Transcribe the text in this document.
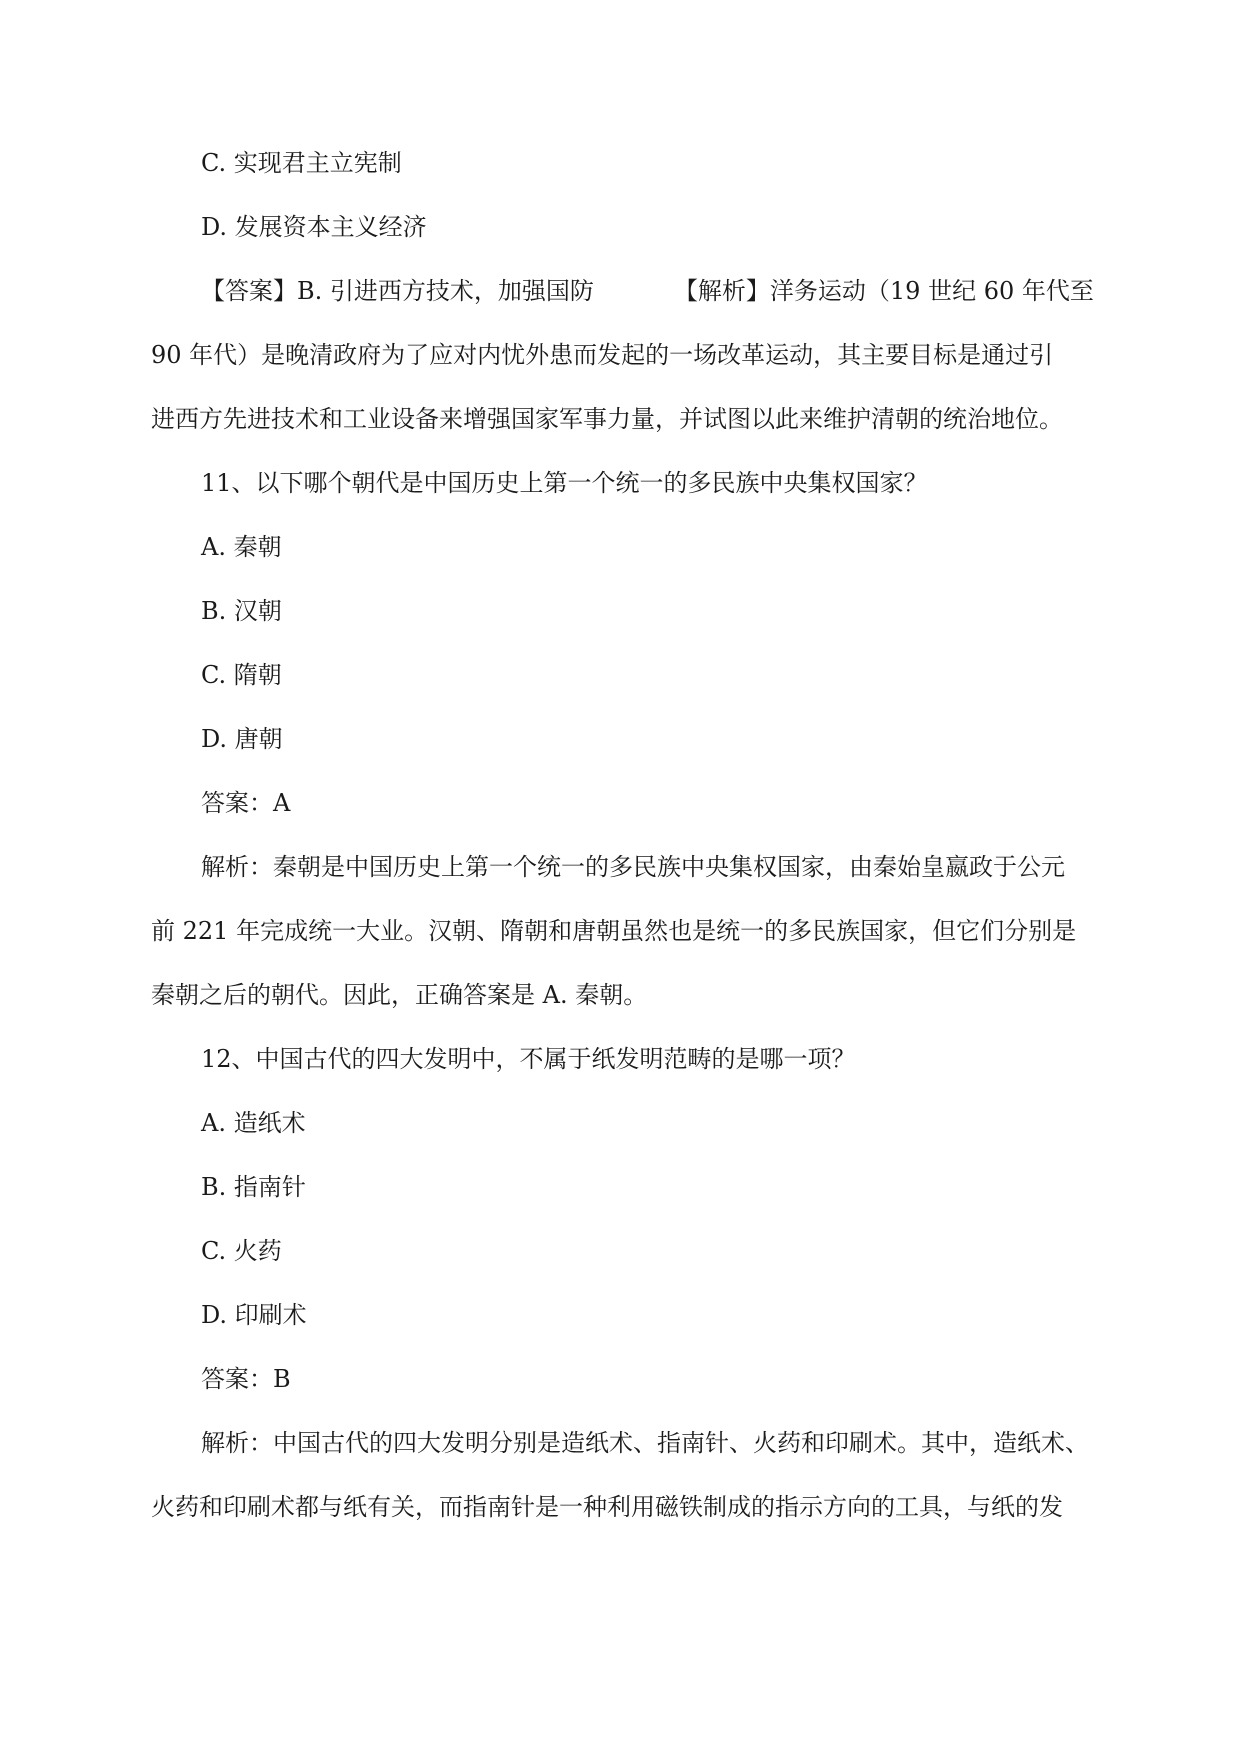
C. 实现君主立宪制
D. 发展资本主义经济
【答案】B. 引进西方技术，加强国防	【解析】洋务运动（19 世纪 60 年代至
90 年代）是晚清政府为了应对内忧外患而发起的一场改革运动，其主要目标是通过引
进西方先进技术和工业设备来增强国家军事力量，并试图以此来维护清朝的统治地位。
11、以下哪个朝代是中国历史上第一个统一的多民族中央集权国家？
A. 秦朝
B. 汉朝
C. 隋朝
D. 唐朝
答案：A
解析：秦朝是中国历史上第一个统一的多民族中央集权国家，由秦始皇嬴政于公元
前 221 年完成统一大业。汉朝、隋朝和唐朝虽然也是统一的多民族国家，但它们分别是
秦朝之后的朝代。因此，正确答案是 A. 秦朝。
12、中国古代的四大发明中，不属于纸发明范畴的是哪一项？
A. 造纸术
B. 指南针
C. 火药
D. 印刷术
答案：B
解析：中国古代的四大发明分别是造纸术、指南针、火药和印刷术。其中，造纸术、
火药和印刷术都与纸有关，而指南针是一种利用磁铁制成的指示方向的工具，与纸的发
